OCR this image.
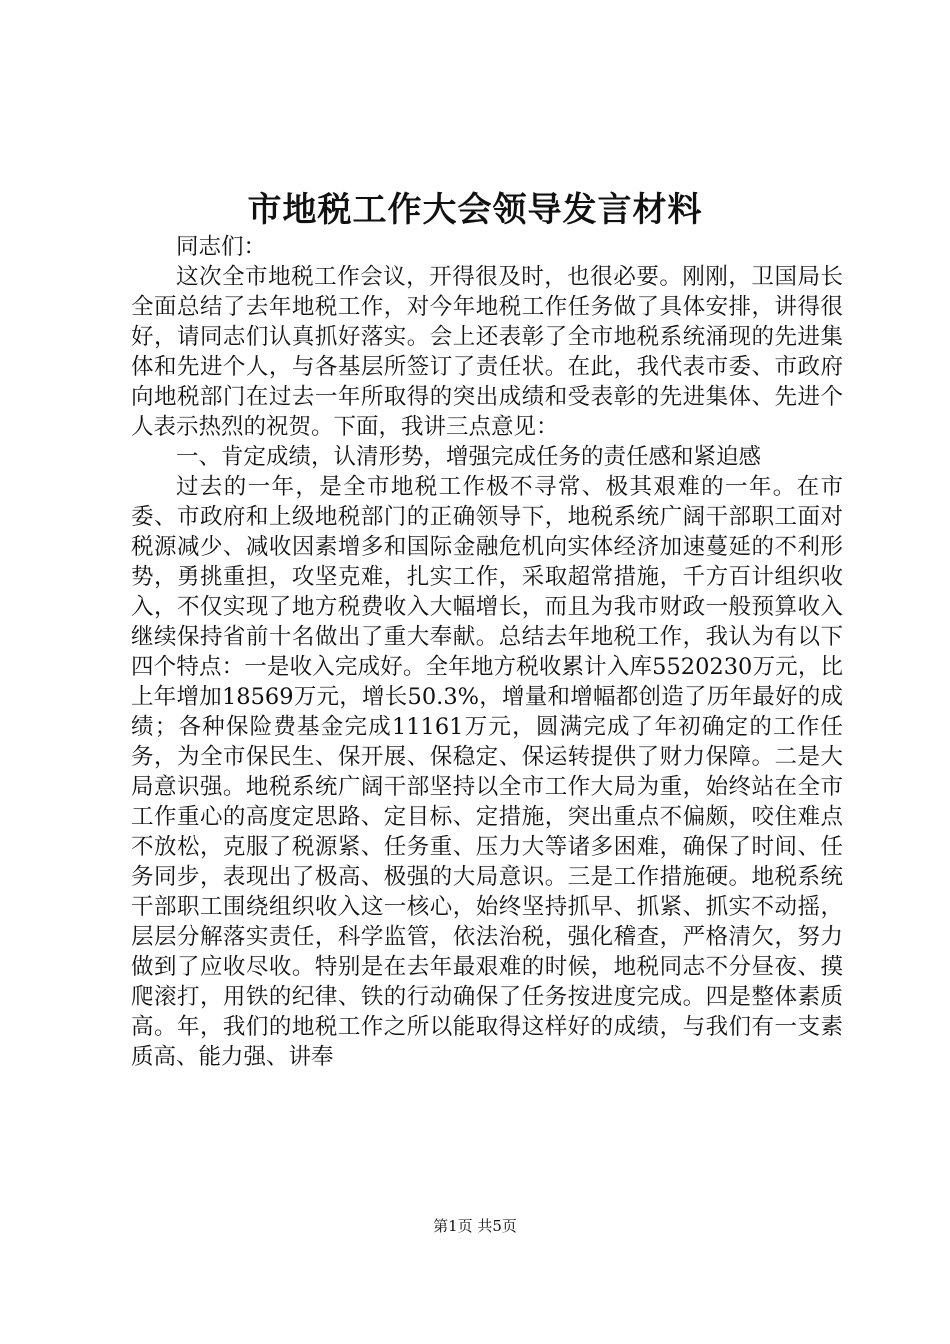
市地税工作大会领导发言材料

同志们：

这次全市地税工作会议，开得很及时，也很必要。刚刚，卫国局长全面总结了去年地税工作，对今年地税工作任务做了具体安排，讲得很好，请同志们认真抓好落实。会上还表彰了全市地税系统涌现的先进集体和先进个人，与各基层所签订了责任状。在此，我代表市委、市政府向地税部门在过去一年所取得的突出成绩和受表彰的先进集体、先进个人表示热烈的祝贺。下面，我讲三点意见：

一、肯定成绩，认清形势，增强完成任务的责任感和紧迫感

过去的一年，是全市地税工作极不寻常、极其艰难的一年。在市委、市政府和上级地税部门的正确领导下，地税系统广阔干部职工面对税源减少、减收因素增多和国际金融危机向实体经济加速蔓延的不利形势，勇挑重担，攻坚克难，扎实工作，采取超常措施，千方百计组织收入，不仅实现了地方税费收入大幅增长，而且为我市财政一般预算收入继续保持省前十名做出了重大奉献。总结去年地税工作，我认为有以下四个特点：一是收入完成好。全年地方税收累计入库5520230万元，比上年增加18569万元，增长50.3%，增量和增幅都创造了历年最好的成绩；各种保险费基金完成11161万元，圆满完成了年初确定的工作任务，为全市保民生、保开展、保稳定、保运转提供了财力保障。二是大局意识强。地税系统广阔干部坚持以全市工作大局为重，始终站在全市工作重心的高度定思路、定目标、定措施，突出重点不偏颇，咬住难点不放松，克服了税源紧、任务重、压力大等诸多困难，确保了时间、任务同步，表现出了极高、极强的大局意识。三是工作措施硬。地税系统干部职工围绕组织收入这一核心，始终坚持抓早、抓紧、抓实不动摇，层层分解落实责任，科学监管，依法治税，强化稽查，严格清欠，努力做到了应收尽收。特别是在去年最艰难的时候，地税同志不分昼夜、摸爬滚打，用铁的纪律、铁的行动确保了任务按进度完成。四是整体素质高。年，我们的地税工作之所以能取得这样好的成绩，与我们有一支素质高、能力强、讲奉

第1页 共5页
